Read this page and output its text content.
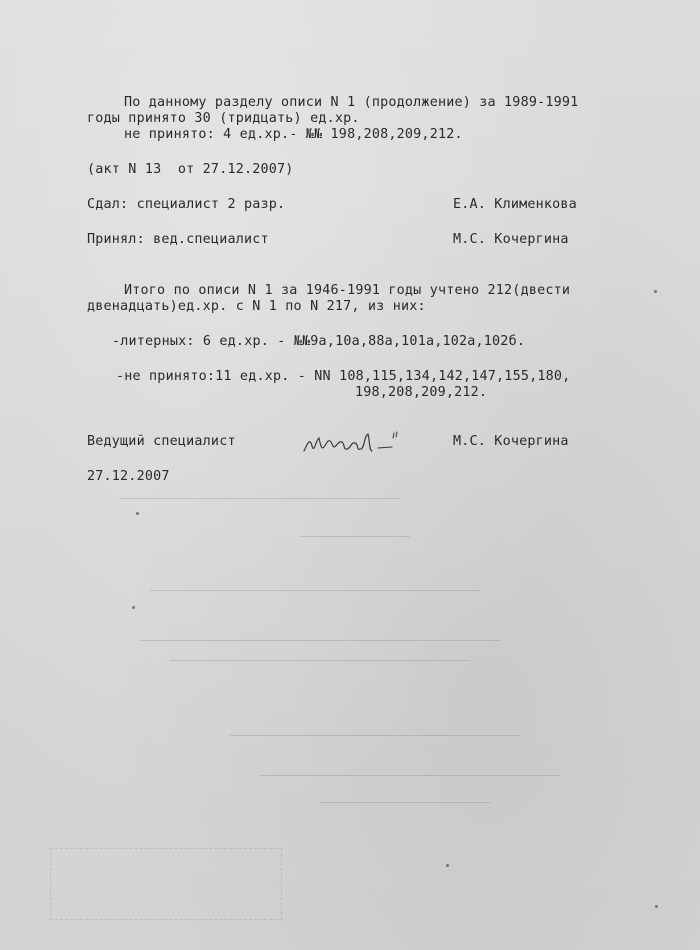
По данному разделу описи N 1 (продолжение) за 1989-1991
годы принято 30 (тридцать) ед.хр.
не принято: 4 ед.хр.- №№ 198,208,209,212.
(акт N 13  от 27.12.2007)
Сдал: специалист 2 разр.	Е.А. Клименкова
Принял: вед.специалист	М.С. Кочергина
Итого по описи N 1 за 1946-1991 годы учтено 212(двести
двенадцать)ед.хр. с N 1 по N 217, из них:
-литерных: 6 ед.хр. - №№9а,10а,88а,101а,102а,102б.
-не принято:11 ед.хр. - NN 108,115,134,142,147,155,180,
198,208,209,212.
Ведущий специалист	М.С. Кочергина
27.12.2007
